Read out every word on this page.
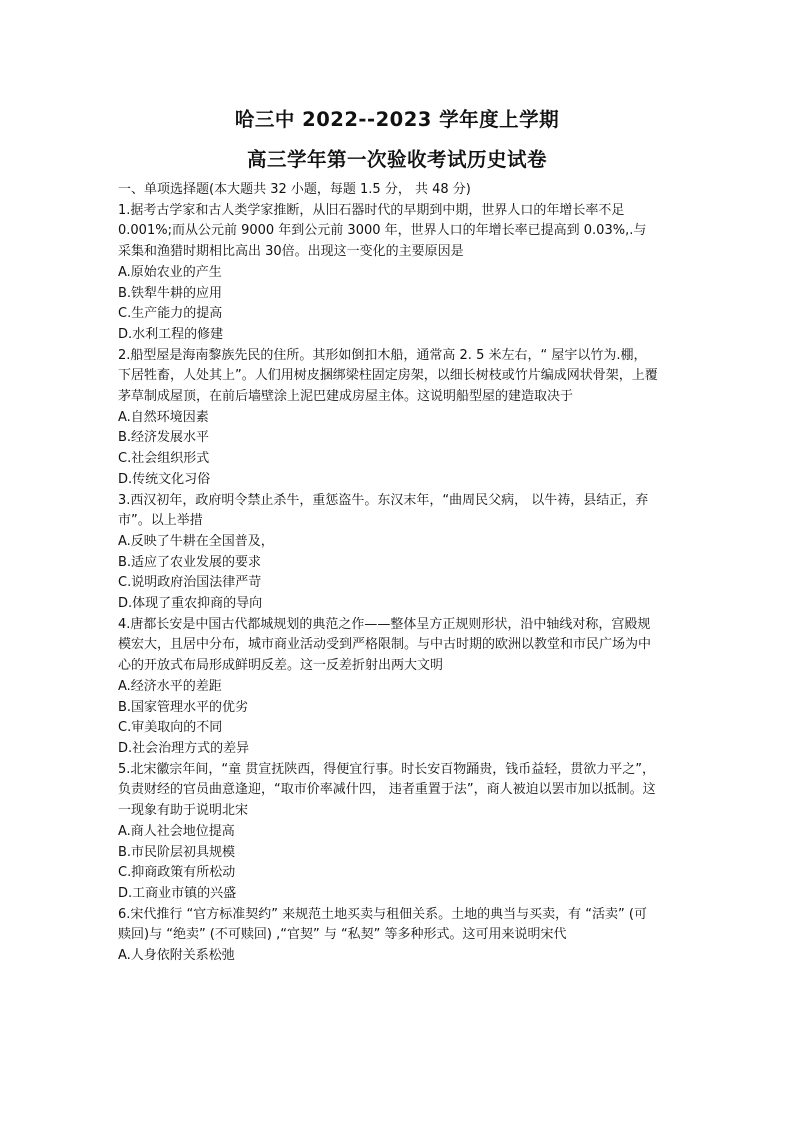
哈三中 2022--2023 学年度上学期
高三学年第一次验收考试历史试卷

一、单项选择题(本大题共 32 小题，每题 1.5 分， 共 48 分)

1.据考古学家和古人类学家推断，从旧石器时代的早期到中期，世界人口的年增长率不足 0.001%;而从公元前 9000 年到公元前 3000 年，世界人口的年增长率已提高到 0.03%,.与采集和渔猎时期相比高出 30倍。出现这一变化的主要原因是

A.原始农业的产生
B.铁犁牛耕的应用
C.生产能力的提高
D.水利工程的修建

2.船型屋是海南黎族先民的住所。其形如倒扣木船，通常高 2. 5 米左右，“ 屋宇以竹为.棚，下居牲畜，人处其上”。人们用树皮捆绑梁柱固定房架，以细长树枝或竹片编成网状骨架，上覆茅草制成屋顶，在前后墙壁涂上泥巴建成房屋主体。这说明船型屋的建造取决于

A.自然环境因素
B.经济发展水平
C.社会组织形式
D.传统文化习俗

3.西汉初年，政府明令禁止杀牛，重惩盗牛。东汉末年，“曲周民父病， 以牛祷，县结正，弃市”。以上举措

A.反映了牛耕在全国普及，
B.适应了农业发展的要求
C.说明政府治国法律严苛
D.体现了重农抑商的导向

4.唐都长安是中国古代都城规划的典范之作——整体呈方正规则形状，沿中轴线对称，宫殿规模宏大，且居中分布，城市商业活动受到严格限制。与中古时期的欧洲以教堂和市民广场为中心的开放式布局形成鲜明反差。这一反差折射出两大文明

A.经济水平的差距
B.国家管理水平的优劣
C.审美取向的不同
D.社会治理方式的差异

5.北宋徽宗年间，“童 贯宣抚陕西，得便宜行事。时长安百物踊贵，钱币益轻，贯欲力平之”，负责财经的官员曲意逢迎，“取市价率减什四， 违者重置于法”，商人被迫以罢市加以抵制。这一现象有助于说明北宋

A.商人社会地位提高
B.市民阶层初具规模
C.抑商政策有所松动
D.工商业市镇的兴盛

6.宋代推行 “官方标准契约” 来规范土地买卖与租佃关系。土地的典当与买卖，有 “活卖” (可赎回)与 “绝卖” (不可赎回) ,“官契” 与 “私契” 等多种形式。这可用来说明宋代

A.人身依附关系松弛
